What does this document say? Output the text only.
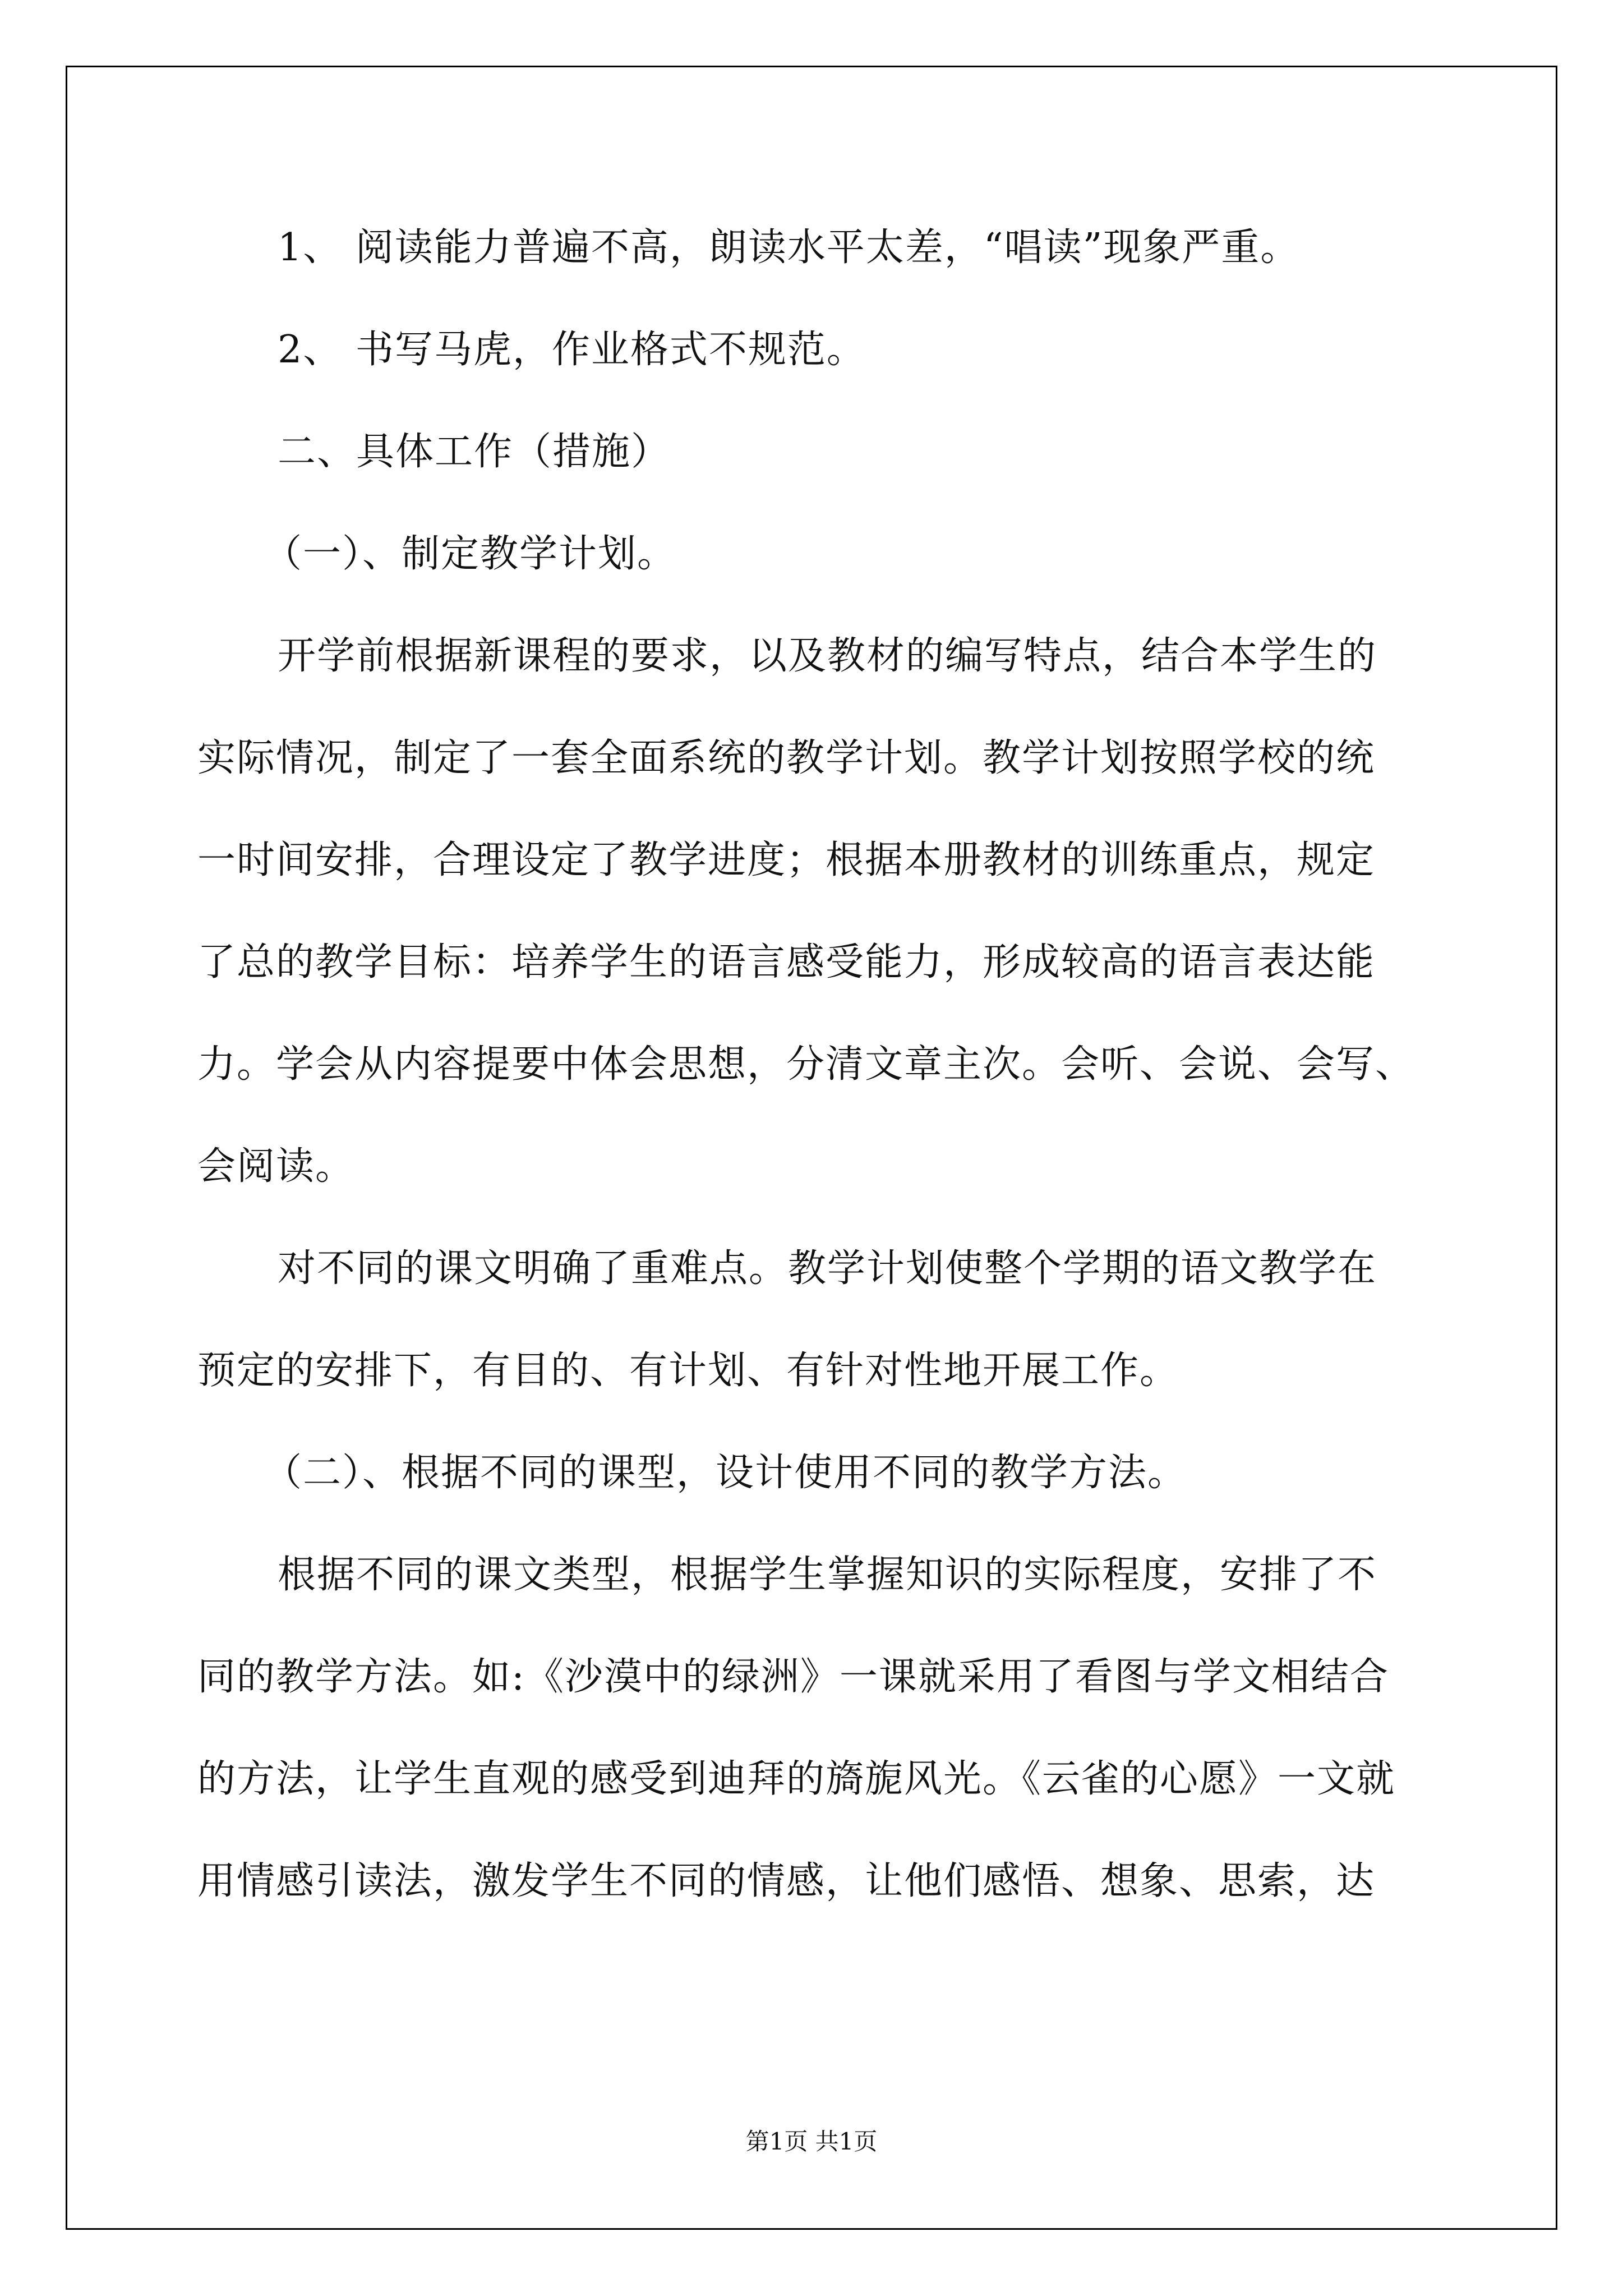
1、 阅读能力普遍不高，朗读水平太差，“唱读”现象严重。

2、 书写马虎，作业格式不规范。

二、具体工作（措施）

（一）、制定教学计划。

开学前根据新课程的要求，以及教材的编写特点，结合本学生的

实际情况，制定了一套全面系统的教学计划。教学计划按照学校的统

一时间安排，合理设定了教学进度；根据本册教材的训练重点，规定

了总的教学目标：培养学生的语言感受能力，形成较高的语言表达能

力。学会从内容提要中体会思想，分清文章主次。会听、会说、会写、

会阅读。

对不同的课文明确了重难点。教学计划使整个学期的语文教学在

预定的安排下，有目的、有计划、有针对性地开展工作。

（二）、根据不同的课型，设计使用不同的教学方法。

根据不同的课文类型，根据学生掌握知识的实际程度，安排了不

同的教学方法。如:《沙漠中的绿洲》一课就采用了看图与学文相结合

的方法，让学生直观的感受到迪拜的旖旎风光。《云雀的心愿》一文就

用情感引读法，激发学生不同的情感，让他们感悟、想象、思索，达

第1页 共1页
